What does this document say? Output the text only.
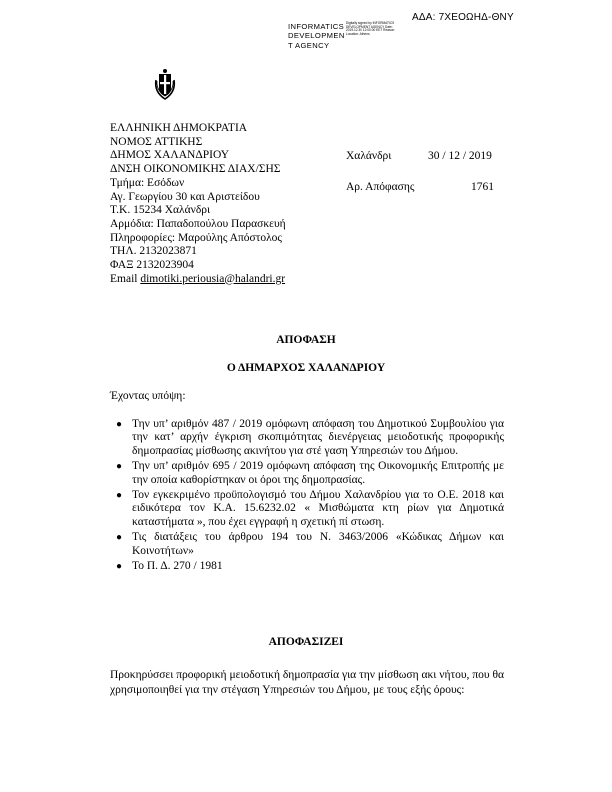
ΑΔΑ: 7ΧΕΟΩΗΔ-ΘΝΥ
INFORMATICS
DEVELOPMEN
T AGENCY
Digitally signed by INFORMATICS DEVELOPMENT AGENCY Date: 2019.12.30 12:00:00 EET Reason: Location: Athens
ΕΛΛΗΝΙΚΗ ΔΗΜΟΚΡΑΤΙΑ
ΝΟΜΟΣ ΑΤΤΙΚΗΣ
ΔΗΜΟΣ ΧΑΛΑΝΔΡΙΟΥ
ΔΝΣΗ ΟΙΚΟΝΟΜΙΚΗΣ ΔΙΑΧ/ΣΗΣ
Τμήμα: Εσόδων
Αγ. Γεωργίου 30 και Αριστείδου
Τ.Κ. 15234 Χαλάνδρι
Αρμόδια: Παπαδοπούλου Παρασκευή
Πληροφορίες: Μαρούλης Απόστολος
ΤΗΛ. 2132023871
ΦΑΞ 2132023904
Email dimotiki.periousia@halandri.gr
Χαλάνδρι	30 / 12 / 2019
Αρ. Απόφασης	1761
ΑΠΟΦΑΣΗ
Ο ΔΗΜΑΡΧΟΣ ΧΑΛΑΝΔΡΙΟΥ
Έχοντας υπόψη:
● Την υπ’ αριθμόν 487 / 2019 ομόφωνη απόφαση του Δημοτικού Συμβουλίου για την κατ’ αρχήν έγκριση σκοπιμότητας διενέργειας μειοδοτικής προφορικής δημοπρασίας μίσθωσης ακινήτου για στέ γαση Υπηρεσιών του Δήμου.
● Την υπ’ αριθμόν 695 / 2019 ομόφωνη απόφαση της Οικονομικής Επιτροπής με την οποία καθορίστηκαν οι όροι της δημοπρασίας.
● Τον εγκεκριμένο προϋπολογισμό του Δήμου Χαλανδρίου για το Ο.Ε. 2018 και ειδικότερα τον Κ.Α. 15.6232.02 « Μισθώματα κτη ρίων για Δημοτικά καταστήματα », που έχει εγγραφή η σχετική πί στωση.
● Τις διατάξεις του άρθρου 194 του Ν. 3463/2006 «Κώδικας Δήμων και Κοινοτήτων»
● Το Π. Δ. 270 / 1981
ΑΠΟΦΑΣΙΖΕΙ
Προκηρύσσει προφορική μειοδοτική δημοπρασία για την μίσθωση ακι νήτου, που θα χρησιμοποιηθεί για την στέγαση Υπηρεσιών του Δήμου, με τους εξής όρους:
